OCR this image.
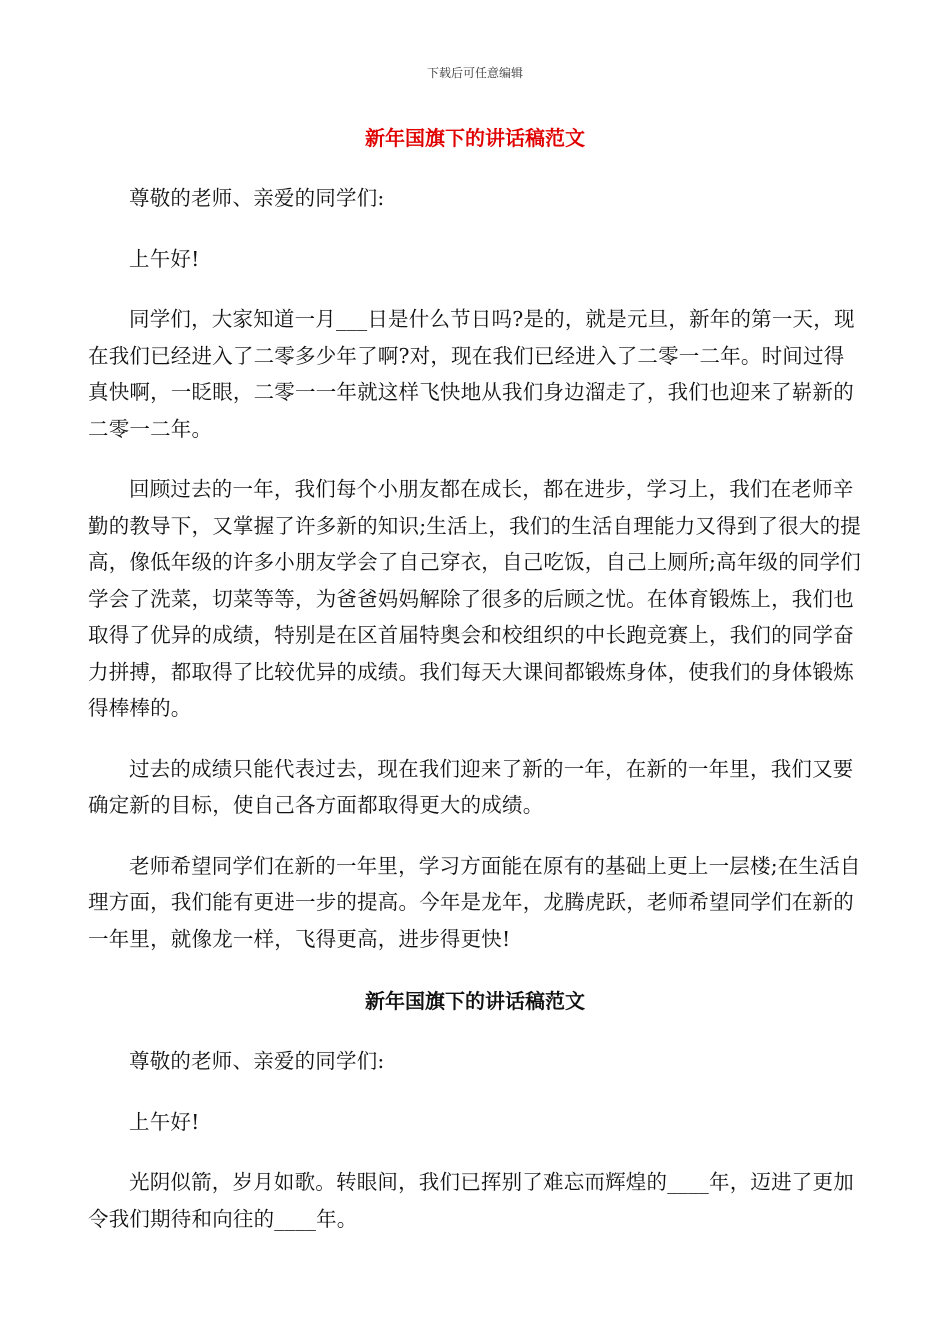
下载后可任意编辑
新年国旗下的讲话稿范文

尊敬的老师、亲爱的同学们:

上午好!

同学们，大家知道一月___日是什么节日吗?是的，就是元旦，新年的第一天，现在我们已经进入了二零多少年了啊?对，现在我们已经进入了二零一二年。时间过得真快啊，一眨眼，二零一一年就这样飞快地从我们身边溜走了，我们也迎来了崭新的二零一二年。

回顾过去的一年，我们每个小朋友都在成长，都在进步，学习上，我们在老师辛勤的教导下，又掌握了许多新的知识;生活上，我们的生活自理能力又得到了很大的提高，像低年级的许多小朋友学会了自己穿衣，自己吃饭，自己上厕所;高年级的同学们学会了洗菜，切菜等等，为爸爸妈妈解除了很多的后顾之忧。在体育锻炼上，我们也取得了优异的成绩，特别是在区首届特奥会和校组织的中长跑竞赛上，我们的同学奋力拼搏，都取得了比较优异的成绩。我们每天大课间都锻炼身体，使我们的身体锻炼得棒棒的。

过去的成绩只能代表过去，现在我们迎来了新的一年，在新的一年里，我们又要确定新的目标，使自己各方面都取得更大的成绩。

老师希望同学们在新的一年里，学习方面能在原有的基础上更上一层楼;在生活自理方面，我们能有更进一步的提高。今年是龙年，龙腾虎跃，老师希望同学们在新的一年里，就像龙一样，飞得更高，进步得更快!

新年国旗下的讲话稿范文

尊敬的老师、亲爱的同学们:

上午好!

光阴似箭，岁月如歌。转眼间，我们已挥别了难忘而辉煌的____年，迈进了更加令我们期待和向往的____年。
